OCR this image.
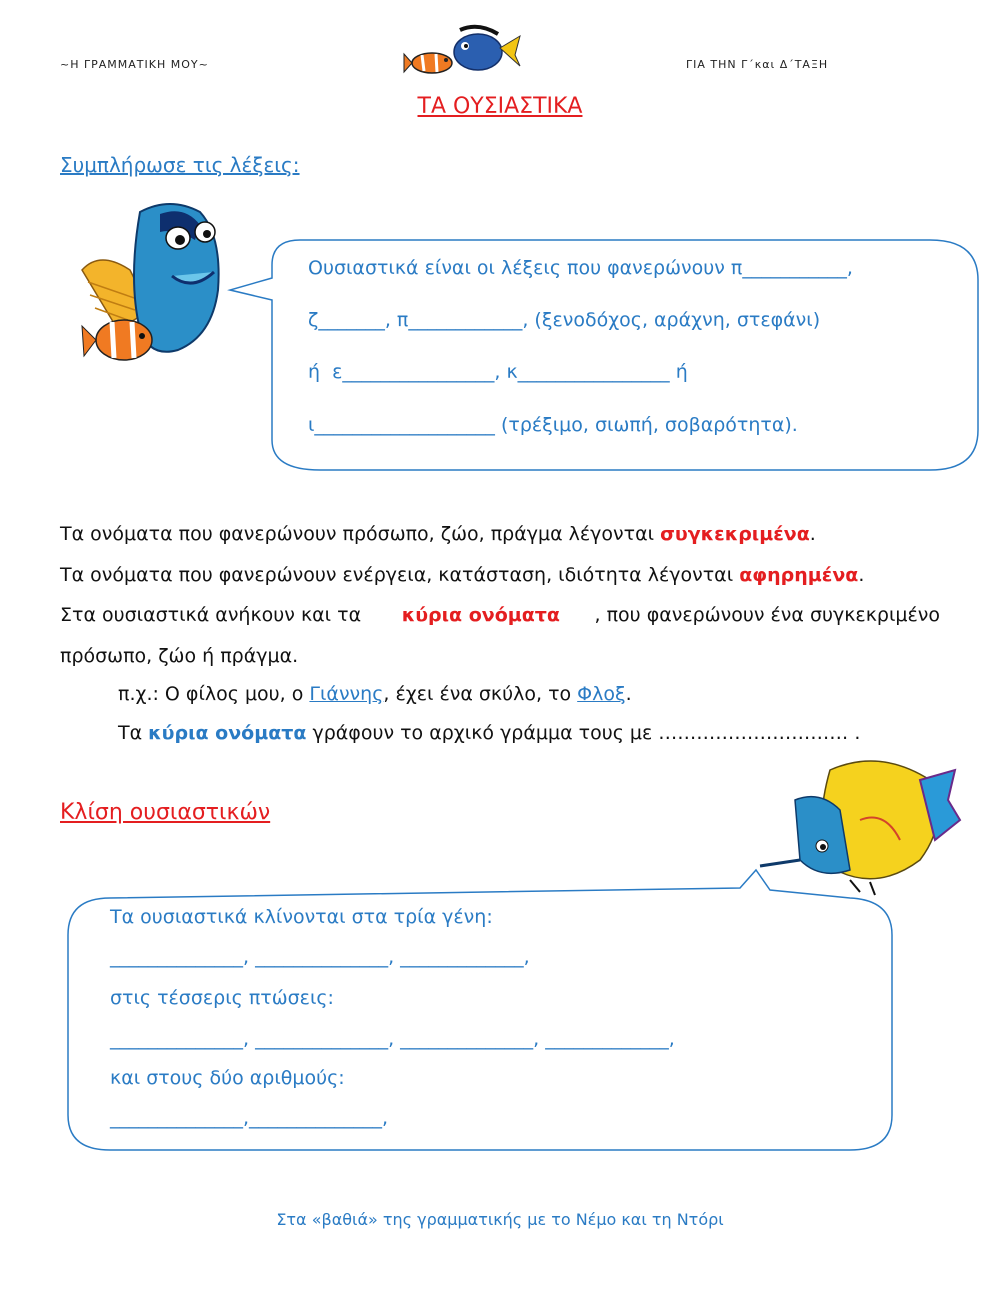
~Η ΓΡΑΜΜΑΤΙΚΗ ΜΟΥ~	ΓΙΑ ΤΗΝ Γ΄και Δ΄ΤΑΞΗ
ΤΑ ΟΥΣΙΑΣΤΙΚΑ
Συμπλήρωσε τις λέξεις:
Ουσιαστικά είναι οι λέξεις που φανερώνουν π___________,
ζ_______, π____________, (ξενοδόχος, αράχνη, στεφάνι)
ή  ε________________, κ________________ ή
ι___________________ (τρέξιμο, σιωπή, σοβαρότητα).
Τα ονόματα που φανερώνουν πρόσωπο, ζώο, πράγμα λέγονται συγκεκριμένα.
Τα ονόματα που φανερώνουν ενέργεια, κατάσταση, ιδιότητα λέγονται αφηρημένα.
Στα ουσιαστικά ανήκουν και τα κύρια ονόματα , που φανερώνουν ένα συγκεκριμένο
πρόσωπο, ζώο ή πράγμα.
π.χ.: Ο φίλος μου, ο Γιάννης, έχει ένα σκύλο, το Φλοξ.
Τα κύρια ονόματα γράφουν το αρχικό γράμμα τους με ………………………… .
Κλίση ουσιαστικών
Τα ουσιαστικά κλίνονται στα τρία γένη:
______________, ______________, _____________,
στις τέσσερις πτώσεις:
______________, ______________, ______________, _____________,
και στους δύο αριθμούς:
______________,______________,
Στα «βαθιά» της γραμματικής με το Νέμο και τη Ντόρι
